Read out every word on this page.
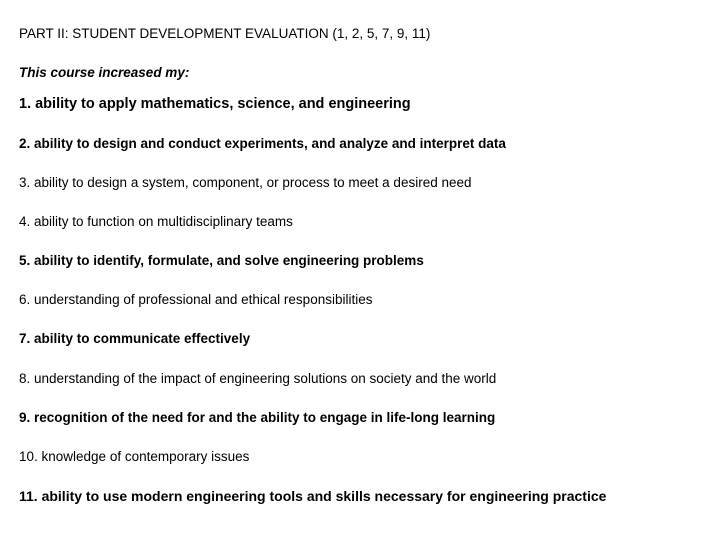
PART II: STUDENT DEVELOPMENT EVALUATION (1, 2, 5, 7, 9, 11)
This course increased my:
1. ability to apply mathematics, science, and engineering
2. ability to design and conduct experiments, and analyze and interpret data
3. ability to design a system, component, or process to meet a desired need
4. ability to function on multidisciplinary teams
5. ability to identify, formulate, and solve engineering problems
6. understanding of professional and ethical responsibilities
7. ability to communicate effectively
8. understanding of the impact of engineering solutions on society and the world
9. recognition of the need for and the ability to engage in life-long learning
10. knowledge of contemporary issues
11. ability to use modern engineering tools and skills necessary for engineering practice
